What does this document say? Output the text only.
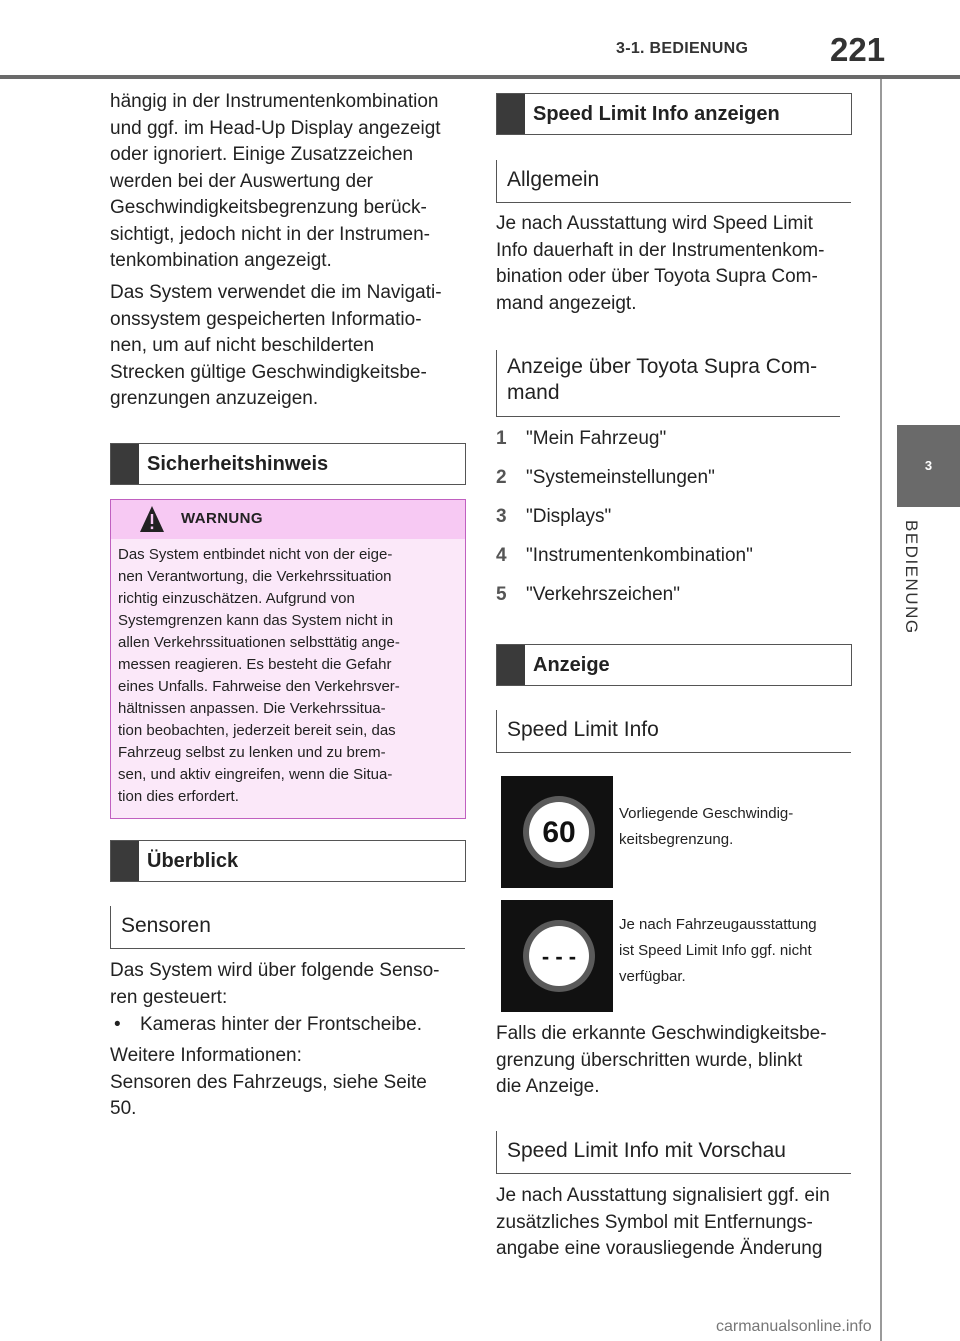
3-1. BEDIENUNG 221
3
BEDIENUNG
hängig in der Instrumentenkombination
und ggf. im Head-Up Display angezeigt
oder ignoriert. Einige Zusatzzeichen
werden bei der Auswertung der
Geschwindigkeitsbegrenzung berück-
sichtigt, jedoch nicht in der Instrumen-
tenkombination angezeigt.
Das System verwendet die im Navigati-
onssystem gespeicherten Informatio-
nen, um auf nicht beschilderten
Strecken gültige Geschwindigkeitsbe-
grenzungen anzuzeigen.
Sicherheitshinweis
WARNUNG
Das System entbindet nicht von der eige-
nen Verantwortung, die Verkehrssituation
richtig einzuschätzen. Aufgrund von
Systemgrenzen kann das System nicht in
allen Verkehrssituationen selbsttätig ange-
messen reagieren. Es besteht die Gefahr
eines Unfalls. Fahrweise den Verkehrsver-
hältnissen anpassen. Die Verkehrssitua-
tion beobachten, jederzeit bereit sein, das
Fahrzeug selbst zu lenken und zu brem-
sen, und aktiv eingreifen, wenn die Situa-
tion dies erfordert.
Überblick
Sensoren
Das System wird über folgende Senso-
ren gesteuert:
• Kameras hinter der Frontscheibe.
Weitere Informationen:
Sensoren des Fahrzeugs, siehe Seite
50.
Speed Limit Info anzeigen
Allgemein
Je nach Ausstattung wird Speed Limit
Info dauerhaft in der Instrumentenkom-
bination oder über Toyota Supra Com-
mand angezeigt.
Anzeige über Toyota Supra Com-
mand
1 "Mein Fahrzeug"
2 "Systemeinstellungen"
3 "Displays"
4 "Instrumentenkombination"
5 "Verkehrszeichen"
Anzeige
Speed Limit Info
60
Vorliegende Geschwindig-
keitsbegrenzung.
- - -
Je nach Fahrzeugausstattung
ist Speed Limit Info ggf. nicht
verfügbar.
Falls die erkannte Geschwindigkeitsbe-
grenzung überschritten wurde, blinkt
die Anzeige.
Speed Limit Info mit Vorschau
Je nach Ausstattung signalisiert ggf. ein
zusätzliches Symbol mit Entfernungs-
angabe eine vorausliegende Änderung
carmanualsonline.info
